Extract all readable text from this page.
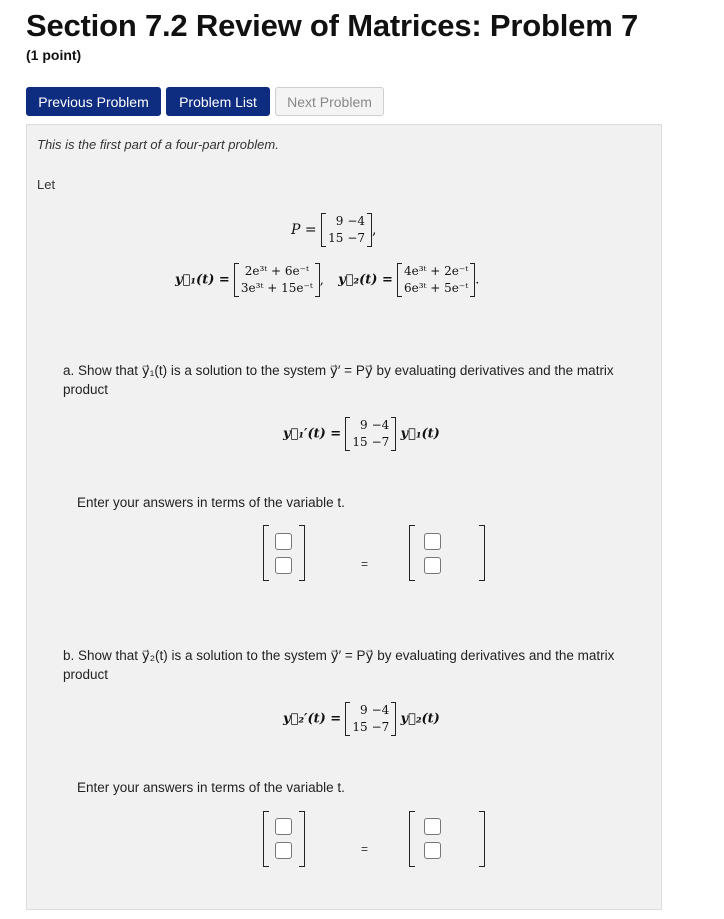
Section 7.2 Review of Matrices: Problem 7
(1 point)
Previous Problem	Problem List	Next Problem
This is the first part of a four-part problem.
Let
P =
9 −4
15 −7 ,
y⃗₁(t) =
2e³ᵗ + 6e⁻ᵗ
3e³ᵗ + 15e⁻ᵗ
, y⃗₂(t) =
4e³ᵗ + 2e⁻ᵗ
6e³ᵗ + 5e⁻ᵗ
.
a. Show that y⃗₁(t) is a solution to the system y⃗′ = Py⃗ by evaluating derivatives and the matrix product
y⃗₁′(t) =
9 −4
15 −7
y⃗₁(t)
Enter your answers in terms of the variable t.
=
b. Show that y⃗₂(t) is a solution to the system y⃗′ = Py⃗ by evaluating derivatives and the matrix product
y⃗₂′(t) =
9 −4
15 −7
y⃗₂(t)
Enter your answers in terms of the variable t.
=
